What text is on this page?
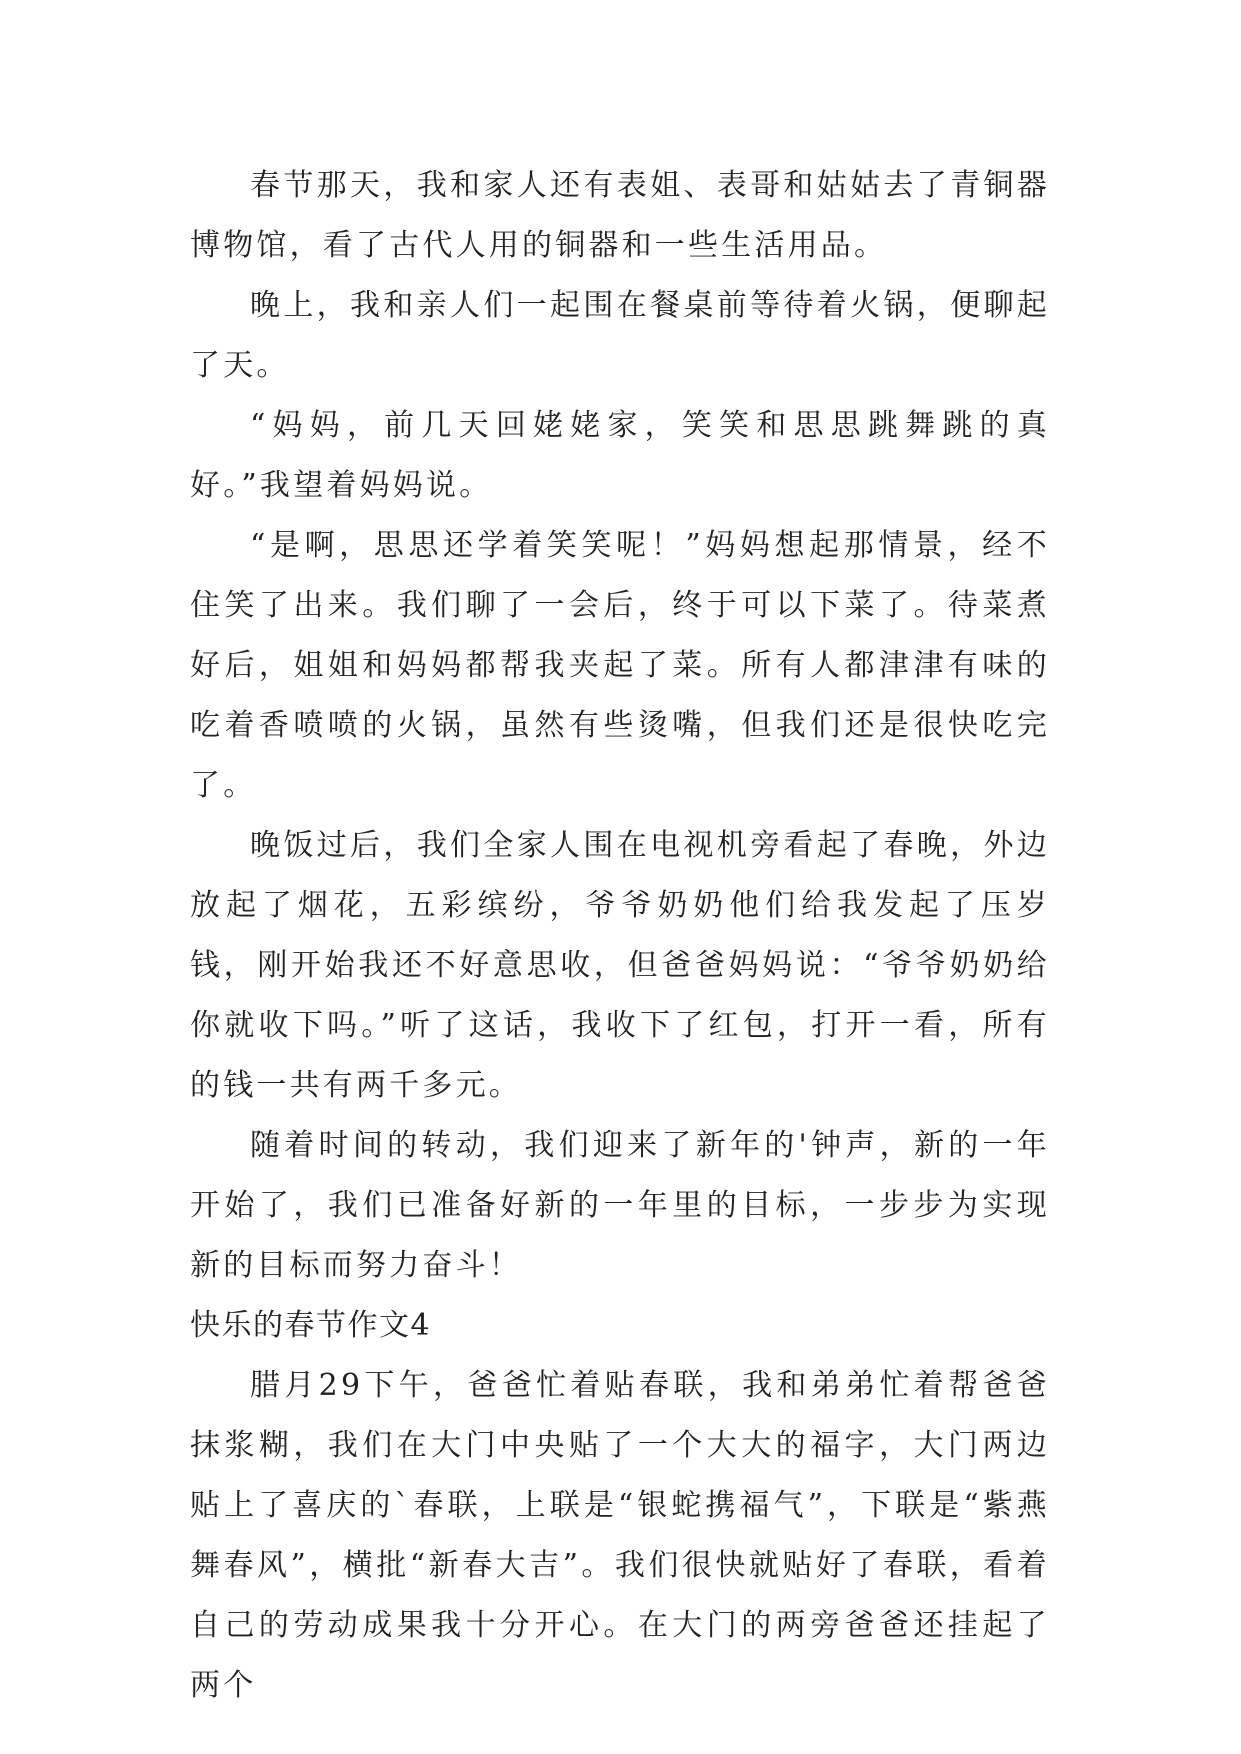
春节那天，我和家人还有表姐、表哥和姑姑去了青铜器博物馆，看了古代人用的铜器和一些生活用品。

晚上，我和亲人们一起围在餐桌前等待着火锅，便聊起了天。

“妈妈，前几天回姥姥家，笑笑和思思跳舞跳的真好。”我望着妈妈说。

“是啊，思思还学着笑笑呢！”妈妈想起那情景，经不住笑了出来。我们聊了一会后，终于可以下菜了。待菜煮好后，姐姐和妈妈都帮我夹起了菜。所有人都津津有味的吃着香喷喷的火锅，虽然有些烫嘴，但我们还是很快吃完了。

晚饭过后，我们全家人围在电视机旁看起了春晚，外边放起了烟花，五彩缤纷，爷爷奶奶他们给我发起了压岁钱，刚开始我还不好意思收，但爸爸妈妈说：“爷爷奶奶给你就收下吗。”听了这话，我收下了红包，打开一看，所有的钱一共有两千多元。

随着时间的转动，我们迎来了新年的'钟声，新的一年开始了，我们已准备好新的一年里的目标，一步步为实现新的目标而努力奋斗！

快乐的春节作文4

腊月29下午，爸爸忙着贴春联，我和弟弟忙着帮爸爸抹浆糊，我们在大门中央贴了一个大大的福字，大门两边贴上了喜庆的`春联，上联是“银蛇携福气”，下联是“紫燕舞春风”，横批“新春大吉”。我们很快就贴好了春联，看着自己的劳动成果我十分开心。在大门的两旁爸爸还挂起了两个
